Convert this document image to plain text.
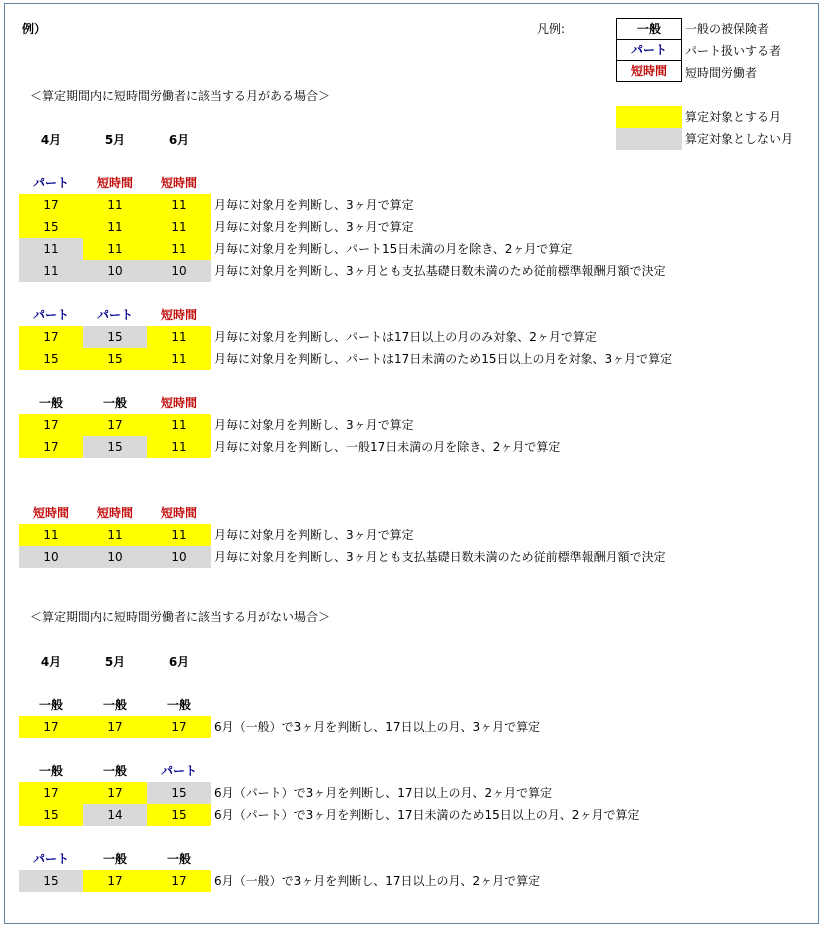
例）	凡例:	一般	一般の被保険者
パート	パート扱いする者
短時間	短時間労働者
算定対象とする月
算定対象としない月
＜算定期間内に短時間労働者に該当する月がある場合＞
＜算定期間内に短時間労働者に該当する月がない場合＞
4月	5月	6月
4月	5月	6月
パート	短時間	短時間
17	11	11	月毎に対象月を判断し、3ヶ月で算定
15	11	11	月毎に対象月を判断し、3ヶ月で算定
11	11	11	月毎に対象月を判断し、パート15日未満の月を除き、2ヶ月で算定
11	10	10	月毎に対象月を判断し、3ヶ月とも支払基礎日数未満のため従前標準報酬月額で決定
パート	パート	短時間
17	15	11	月毎に対象月を判断し、パートは17日以上の月のみ対象、2ヶ月で算定
15	15	11	月毎に対象月を判断し、パートは17日未満のため15日以上の月を対象、3ヶ月で算定
一般	一般	短時間
17	17	11	月毎に対象月を判断し、3ヶ月で算定
17	15	11	月毎に対象月を判断し、一般17日未満の月を除き、2ヶ月で算定
短時間	短時間	短時間
11	11	11	月毎に対象月を判断し、3ヶ月で算定
10	10	10	月毎に対象月を判断し、3ヶ月とも支払基礎日数未満のため従前標準報酬月額で決定
一般	一般	一般
17	17	17	6月（一般）で3ヶ月を判断し、17日以上の月、3ヶ月で算定
一般	一般	パート
17	17	15	6月（パート）で3ヶ月を判断し、17日以上の月、2ヶ月で算定
15	14	15	6月（パート）で3ヶ月を判断し、17日未満のため15日以上の月、2ヶ月で算定
パート	一般	一般
15	17	17	6月（一般）で3ヶ月を判断し、17日以上の月、2ヶ月で算定
